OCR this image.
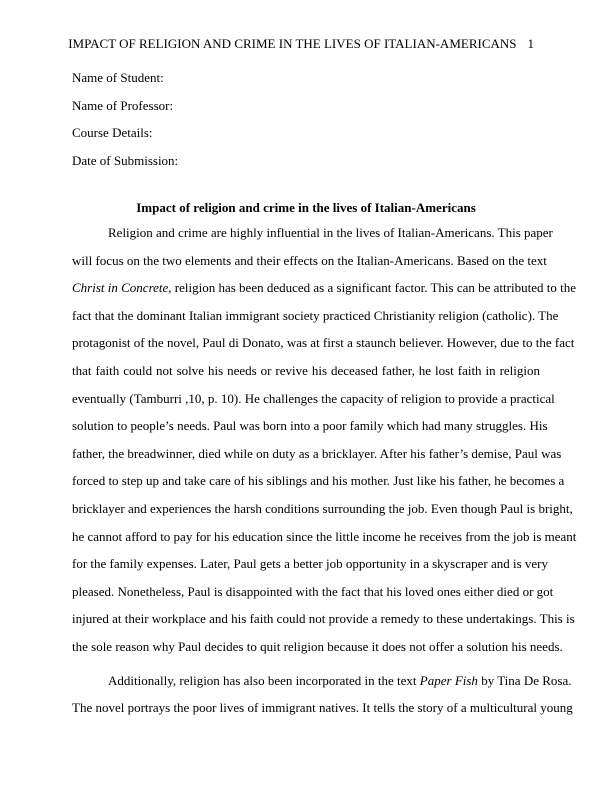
IMPACT OF RELIGION AND CRIME IN THE LIVES OF ITALIAN-AMERICANS 1
Name of Student:
Name of Professor:
Course Details:
Date of Submission:
Impact of religion and crime in the lives of Italian-Americans
Religion and crime are highly influential in the lives of Italian-Americans. This paper
will focus on the two elements and their effects on the Italian-Americans. Based on the text
Christ in Concrete, religion has been deduced as a significant factor. This can be attributed to the
fact that the dominant Italian immigrant society practiced Christianity religion (catholic). The
protagonist of the novel, Paul di Donato, was at first a staunch believer. However, due to the fact
that faith could not solve his needs or revive his deceased father, he lost faith in religion
eventually (Tamburri ,10, p. 10). He challenges the capacity of religion to provide a practical
solution to people’s needs. Paul was born into a poor family which had many struggles. His
father, the breadwinner, died while on duty as a bricklayer. After his father’s demise, Paul was
forced to step up and take care of his siblings and his mother. Just like his father, he becomes a
bricklayer and experiences the harsh conditions surrounding the job. Even though Paul is bright,
he cannot afford to pay for his education since the little income he receives from the job is meant
for the family expenses. Later, Paul gets a better job opportunity in a skyscraper and is very
pleased. Nonetheless, Paul is disappointed with the fact that his loved ones either died or got
injured at their workplace and his faith could not provide a remedy to these undertakings. This is
the sole reason why Paul decides to quit religion because it does not offer a solution his needs.
Additionally, religion has also been incorporated in the text Paper Fish by Tina De Rosa.
The novel portrays the poor lives of immigrant natives. It tells the story of a multicultural young
